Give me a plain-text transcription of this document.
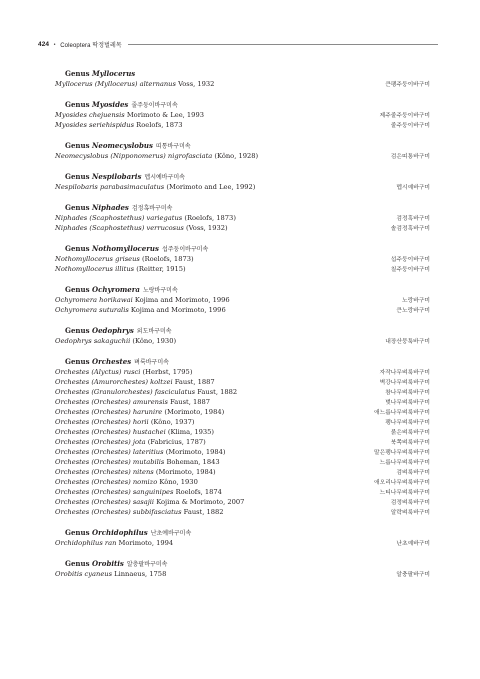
424 • Coleoptera 딱정벌레목
Genus Myllocerus
Myllocerus (Myllocerus) alternanus Voss, 1932	큰팽주둥이바구미
Genus Myosides 줄주둥이바구미속
Myosides chejuensis Morimoto & Lee, 1993	제주줄주둥이바구미
Myosides seriehispidus Roelofs, 1873	줄주둥이바구미
Genus Neomecyslobus 띠통바구미속
Neomecyslobus (Nipponomerus) nigrofasciata (Kôno, 1928)	검은띠통바구미
Genus Nespilobaris 멥시예바구미속
Nespilobaris parabasimaculatus (Morimoto and Lee, 1992)	멥시예바구미
Genus Niphades 검정혹바구미속
Niphades (Scaphostethus) variegatus (Roelofs, 1873)	검정혹바구미
Niphades (Scaphostethus) verrucosus (Voss, 1932)	솔검정혹바구미
Genus Nothomyllocerus 섭주둥이바구미속
Nothomyllocerus griseus (Roelofs, 1873)	섭주둥이바구미
Nothomyllocerus illitus (Reitter, 1915)	칠주둥이바구미
Genus Ochyromera 노랑바구미속
Ochyromera horikawai Kojima and Morimoto, 1996	노랑바구미
Ochyromera suturalis Kojima and Morimoto, 1996	큰노랑바구미
Genus Oedophrys 외도바구미속
Oedophrys sakaguchii (Kôno, 1930)	내장산뭉툭바구미
Genus Orchestes 벼룩바구미속
Orchestes (Alyctus) rusci (Herbst, 1795)	자작나무벼룩바구미
Orchestes (Amurorchestes) koltzei Faust, 1887	벽강나무벼룩바구미
Orchestes (Granulorchestes) fasciculatus Faust, 1882	참나무벼룩바구미
Orchestes (Orchestes) amurensis Faust, 1887	벚나무벼룩바구미
Orchestes (Orchestes) harunire (Morimoto, 1984)	애느릅나무벼룩바구미
Orchestes (Orchestes) horii (Kôno, 1937)	팽나무벼룩바구미
Orchestes (Orchestes) hustachei (Klima, 1935)	붉은벼룩바구미
Orchestes (Orchestes) jota (Fabricius, 1787)	북쪽벼룩바구미
Orchestes (Orchestes) lateritius (Morimoto, 1984)	말은팽나무벼룩바구미
Orchestes (Orchestes) mutabilis Boheman, 1843	느릅나무벼룩바구미
Orchestes (Orchestes) nitens (Morimoto, 1984)	검벼룩바구미
Orchestes (Orchestes) nomizo Kôno, 1930	애오리나무벼룩바구미
Orchestes (Orchestes) sanguinipes Roelofs, 1874	느티나무벼룩바구미
Orchestes (Orchestes) sasajii Kojima & Morimoto, 2007	검정벼룩바구미
Orchestes (Orchestes) subbifasciatus Faust, 1882	알락벼룩바구미
Genus Orchidophilus 난초예바구미속
Orchidophilus ran Morimoto, 1994	난초예바구미
Genus Orobitis 알충팔바구미속
Orobitis cyaneus Linnaeus, 1758	알충팔바구미
